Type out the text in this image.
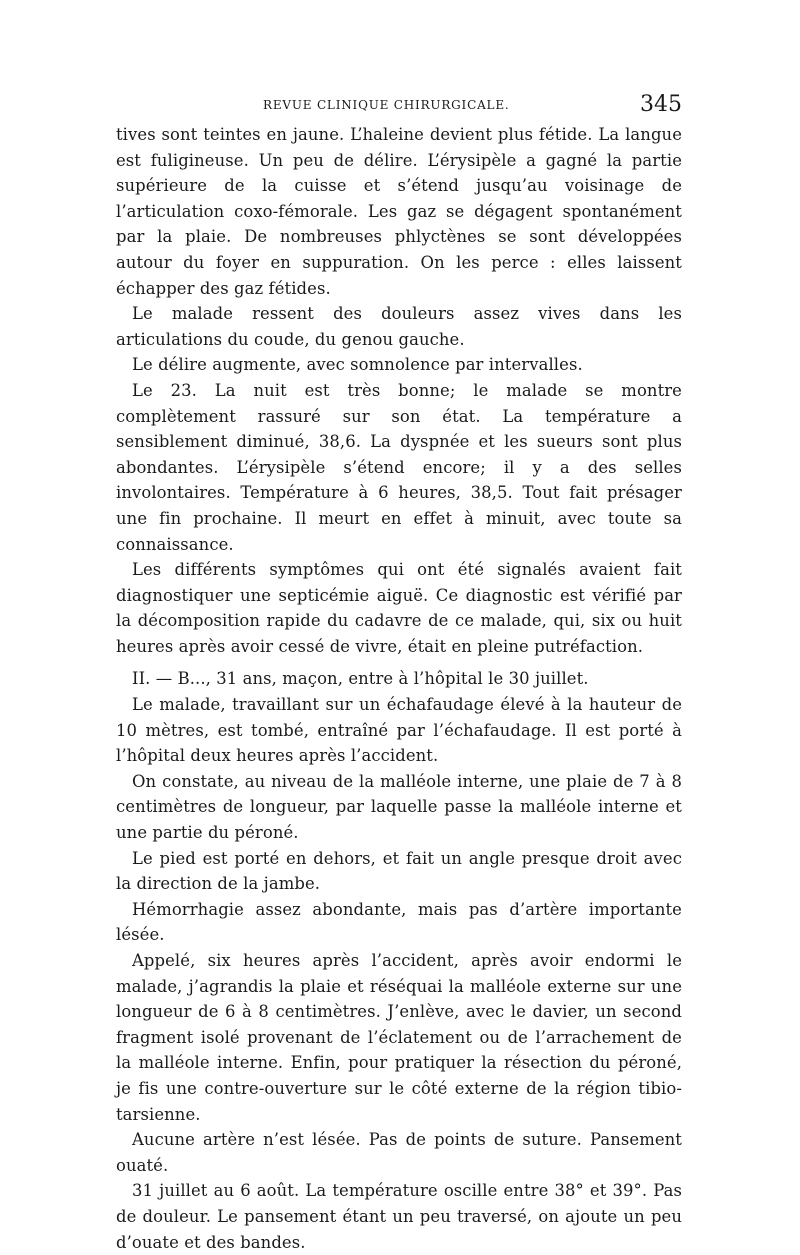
REVUE CLINIQUE CHIRURGICALE.	345

tives sont teintes en jaune. L’haleine devient plus fétide. La langue est fuligineuse. Un peu de délire. L’érysipèle a gagné la partie supérieure de la cuisse et s’étend jusqu’au voisinage de l’articulation coxo-fémorale. Les gaz se dégagent spontanément par la plaie. De nombreuses phlyctènes se sont développées autour du foyer en suppuration. On les perce : elles laissent échapper des gaz fétides.

Le malade ressent des douleurs assez vives dans les articulations du coude, du genou gauche.

Le délire augmente, avec somnolence par intervalles.

Le 23. La nuit est très bonne; le malade se montre complètement rassuré sur son état. La température a sensiblement diminué, 38,6. La dyspnée et les sueurs sont plus abondantes. L’érysipèle s’étend encore; il y a des selles involontaires. Température à 6 heures, 38,5. Tout fait présager une fin prochaine. Il meurt en effet à minuit, avec toute sa connaissance.

Les différents symptômes qui ont été signalés avaient fait diagnostiquer une septicémie aiguë. Ce diagnostic est vérifié par la décomposition rapide du cadavre de ce malade, qui, six ou huit heures après avoir cessé de vivre, était en pleine putréfaction.

II. — B..., 31 ans, maçon, entre à l’hôpital le 30 juillet.

Le malade, travaillant sur un échafaudage élevé à la hauteur de 10 mètres, est tombé, entraîné par l’échafaudage. Il est porté à l’hôpital deux heures après l’accident.

On constate, au niveau de la malléole interne, une plaie de 7 à 8 centimètres de longueur, par laquelle passe la malléole interne et une partie du péroné.

Le pied est porté en dehors, et fait un angle presque droit avec la direction de la jambe.

Hémorrhagie assez abondante, mais pas d’artère importante lésée.

Appelé, six heures après l’accident, après avoir endormi le malade, j’agrandis la plaie et réséquai la malléole externe sur une longueur de 6 à 8 centimètres. J’enlève, avec le davier, un second fragment isolé provenant de l’éclatement ou de l’arrachement de la malléole interne. Enfin, pour pratiquer la résection du péroné, je fis une contre-ouverture sur le côté externe de la région tibio-tarsienne.

Aucune artère n’est lésée. Pas de points de suture. Pansement ouaté.

31 juillet au 6 août. La température oscille entre 38° et 39°. Pas de douleur. Le pansement étant un peu traversé, on ajoute un peu d’ouate et des bandes.
